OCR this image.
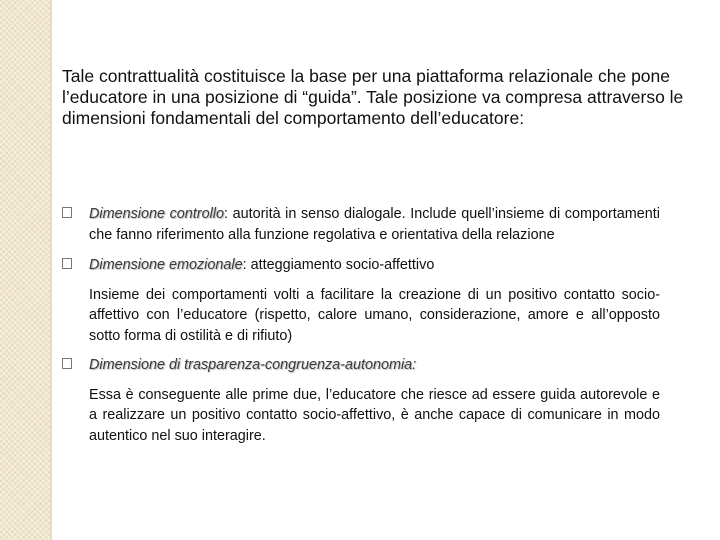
Tale contrattualità costituisce la base per una piattaforma relazionale che pone l’educatore in una posizione di “guida”. Tale posizione va compresa attraverso le dimensioni fondamentali del comportamento dell’educatore:

Dimensione controllo: autorità in senso dialogale. Include quell’insieme di comportamenti che fanno riferimento alla funzione regolativa e orientativa della relazione

Dimensione emozionale: atteggiamento socio-affettivo

Insieme dei comportamenti volti a facilitare la creazione di un positivo contatto socio-affettivo con l’educatore (rispetto, calore umano, considerazione, amore e all’opposto sotto forma di ostilità e di rifiuto)

Dimensione di trasparenza-congruenza-autonomia:

Essa è conseguente alle prime due, l’educatore che riesce ad essere guida autorevole e a realizzare un positivo contatto socio-affettivo, è anche capace di comunicare in modo autentico nel suo interagire.
